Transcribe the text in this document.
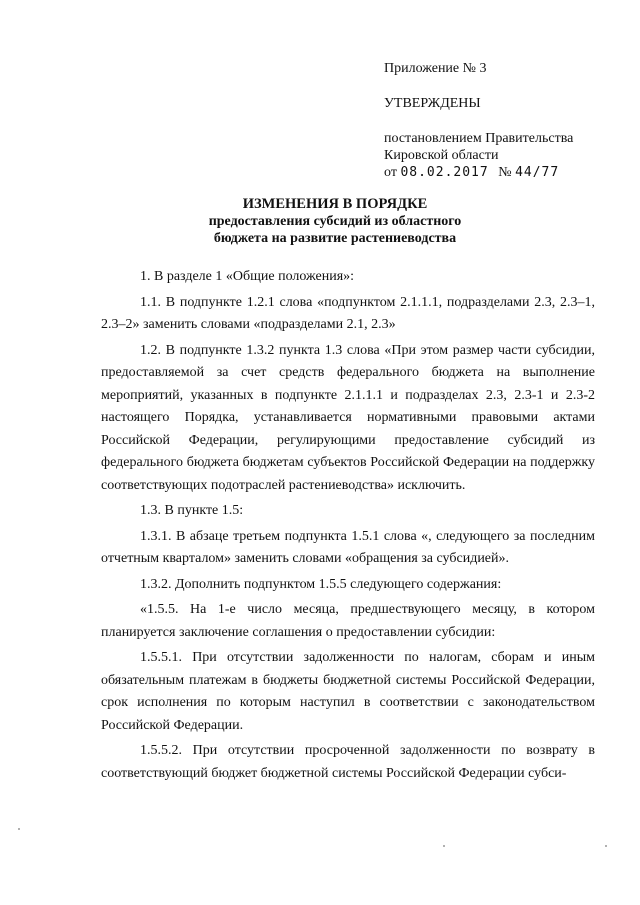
Приложение № 3
УТВЕРЖДЕНЫ
постановлением Правительства
Кировской области
от 08.02.2017 № 44/77
ИЗМЕНЕНИЯ В ПОРЯДКЕ
предоставления субсидий из областного
бюджета на развитие растениеводства

1. В разделе 1 «Общие положения»:

1.1. В подпункте 1.2.1 слова «подпунктом 2.1.1.1, подразделами 2.3, 2.3–1, 2.3–2» заменить словами «подразделами 2.1, 2.3»

1.2. В подпункте 1.3.2 пункта 1.3 слова «При этом размер части субсидии, предоставляемой за счет средств федерального бюджета на выполнение мероприятий, указанных в подпункте 2.1.1.1 и подразделах 2.3, 2.3-1 и 2.3-2 настоящего Порядка, устанавливается нормативными правовыми актами Российской Федерации, регулирующими предоставление субсидий из федерального бюджета бюджетам субъектов Российской Федерации на поддержку соответствующих подотраслей растениеводства» исключить.

1.3. В пункте 1.5:

1.3.1. В абзаце третьем подпункта 1.5.1 слова «, следующего за последним отчетным кварталом» заменить словами «обращения за субсидией».

1.3.2. Дополнить подпунктом 1.5.5 следующего содержания:

«1.5.5. На 1-е число месяца, предшествующего месяцу, в котором планируется заключение соглашения о предоставлении субсидии:

1.5.5.1. При отсутствии задолженности по налогам, сборам и иным обязательным платежам в бюджеты бюджетной системы Российской Федерации, срок исполнения по которым наступил в соответствии с законодательством Российской Федерации.

1.5.5.2. При отсутствии просроченной задолженности по возврату в соответствующий бюджет бюджетной системы Российской Федерации субси-
